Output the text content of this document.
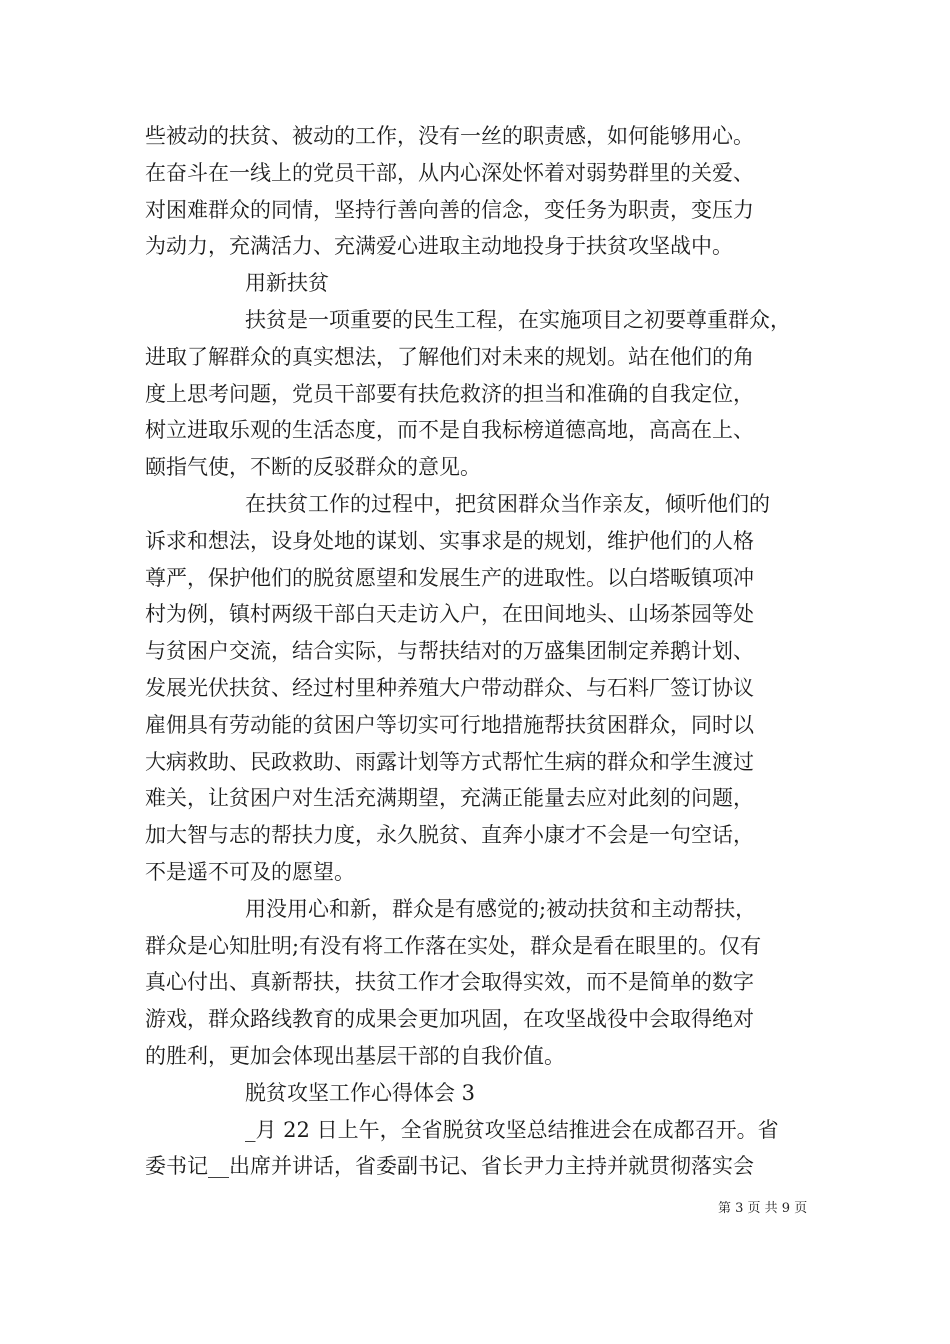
些被动的扶贫、被动的工作，没有一丝的职责感，如何能够用心。
在奋斗在一线上的党员干部，从内心深处怀着对弱势群里的关爱、
对困难群众的同情，坚持行善向善的信念，变任务为职责，变压力
为动力，充满活力、充满爱心进取主动地投身于扶贫攻坚战中。
用新扶贫
扶贫是一项重要的民生工程，在实施项目之初要尊重群众，
进取了解群众的真实想法，了解他们对未来的规划。站在他们的角
度上思考问题，党员干部要有扶危救济的担当和准确的自我定位，
树立进取乐观的生活态度，而不是自我标榜道德高地，高高在上、
颐指气使，不断的反驳群众的意见。
在扶贫工作的过程中，把贫困群众当作亲友，倾听他们的
诉求和想法，设身处地的谋划、实事求是的规划，维护他们的人格
尊严，保护他们的脱贫愿望和发展生产的进取性。以白塔畈镇项冲
村为例，镇村两级干部白天走访入户，在田间地头、山场茶园等处
与贫困户交流，结合实际，与帮扶结对的万盛集团制定养鹅计划、
发展光伏扶贫、经过村里种养殖大户带动群众、与石料厂签订协议
雇佣具有劳动能的贫困户等切实可行地措施帮扶贫困群众，同时以
大病救助、民政救助、雨露计划等方式帮忙生病的群众和学生渡过
难关，让贫困户对生活充满期望，充满正能量去应对此刻的问题，
加大智与志的帮扶力度，永久脱贫、直奔小康才不会是一句空话，
不是遥不可及的愿望。
用没用心和新，群众是有感觉的;被动扶贫和主动帮扶，
群众是心知肚明;有没有将工作落在实处，群众是看在眼里的。仅有
真心付出、真新帮扶，扶贫工作才会取得实效，而不是简单的数字
游戏，群众路线教育的成果会更加巩固，在攻坚战役中会取得绝对
的胜利，更加会体现出基层干部的自我价值。
脱贫攻坚工作心得体会 3
_月 22 日上午，全省脱贫攻坚总结推进会在成都召开。省
委书记__出席并讲话，省委副书记、省长尹力主持并就贯彻落实会
第 3 页 共 9 页
